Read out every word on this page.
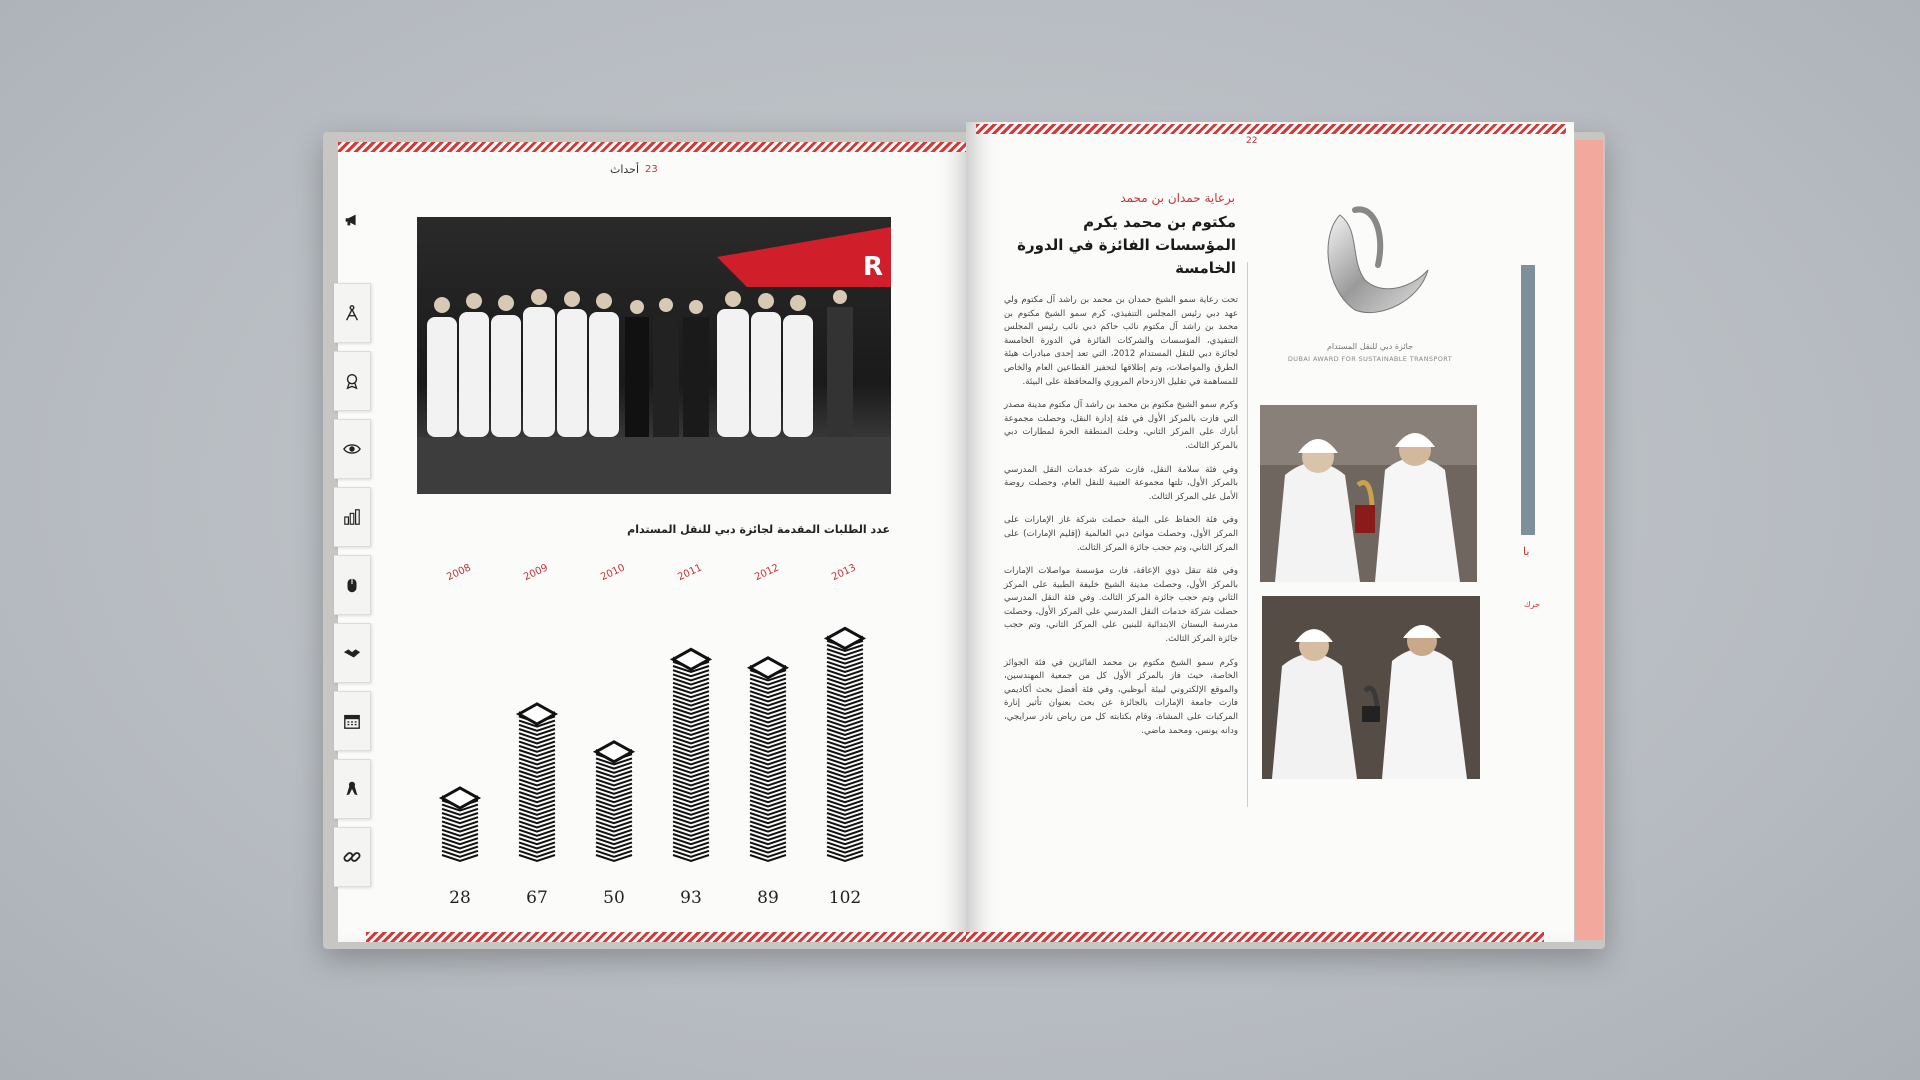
23
أحداث
R
عدد الطلبات المقدمة لجائزة دبي للنقل المستدام
2008	2009	2010	2011	2012	2013
28	67	50	93	89	102
22
برعاية حمدان بن محمد
مكتوم بن محمد يكرم المؤسسات الفائزة في الدورة الخامسة

تحت رعاية سمو الشيخ حمدان بن محمد بن راشد آل مكتوم ولي عهد دبي رئيس المجلس التنفيذي، كرم سمو الشيخ مكتوم بن محمد بن راشد آل مكتوم نائب حاكم دبي نائب رئيس المجلس التنفيذي، المؤسسات والشركات الفائزة في الدورة الخامسة لجائزة دبي للنقل المستدام 2012، التي تعد إحدى مبادرات هيئة الطرق والمواصلات، وتم إطلاقها لتحفيز القطاعين العام والخاص للمساهمة في تقليل الازدحام المروري والمحافظة على البيئة.

وكرم سمو الشيخ مكتوم بن محمد بن راشد آل مكتوم مدينة مصدر التي فازت بالمركز الأول في فئة إدارة النقل، وحصلت مجموعة أبارك على المركز الثاني، وحلت المنطقة الحرة لمطارات دبي بالمركز الثالث.

وفي فئة سلامة النقل، فازت شركة خدمات النقل المدرسي بالمركز الأول، تلتها مجموعة العتيبة للنقل العام، وحصلت روضة الأمل على المركز الثالث.

وفي فئة الحفاظ على البيئة حصلت شركة غاز الإمارات على المركز الأول، وحصلت موانئ دبي العالمية (إقليم الإمارات) على المركز الثاني، وتم حجب جائزة المركز الثالث.

وفي فئة تنقل ذوي الإعاقة، فازت مؤسسة مواصلات الإمارات بالمركز الأول، وحصلت مدينة الشيخ خليفة الطبية على المركز الثاني وتم حجب جائزة المركز الثالث. وفي فئة النقل المدرسي حصلت شركة خدمات النقل المدرسي على المركز الأول، وحصلت مدرسة البستان الابتدائية للبنين على المركز الثاني، وتم حجب جائزة المركز الثالث.

وكرم سمو الشيخ مكتوم بن محمد الفائزين في فئة الجوائز الخاصة، حيث فاز بالمركز الأول كل من جمعية المهندسين، والموقع الإلكتروني لبيئة أبوظبي، وفي فئة أفضل بحث أكاديمي فازت جامعة الإمارات بالجائزة عن بحث بعنوان تأثير إنارة المركبات على المشاة، وقام بكتابته كل من رياض نادر سرايجي، ودانه يونس، ومحمد ماضي.

جائزة دبي للنقل المستدام
DUBAI AWARD FOR SUSTAINABLE TRANSPORT
با
حرك
